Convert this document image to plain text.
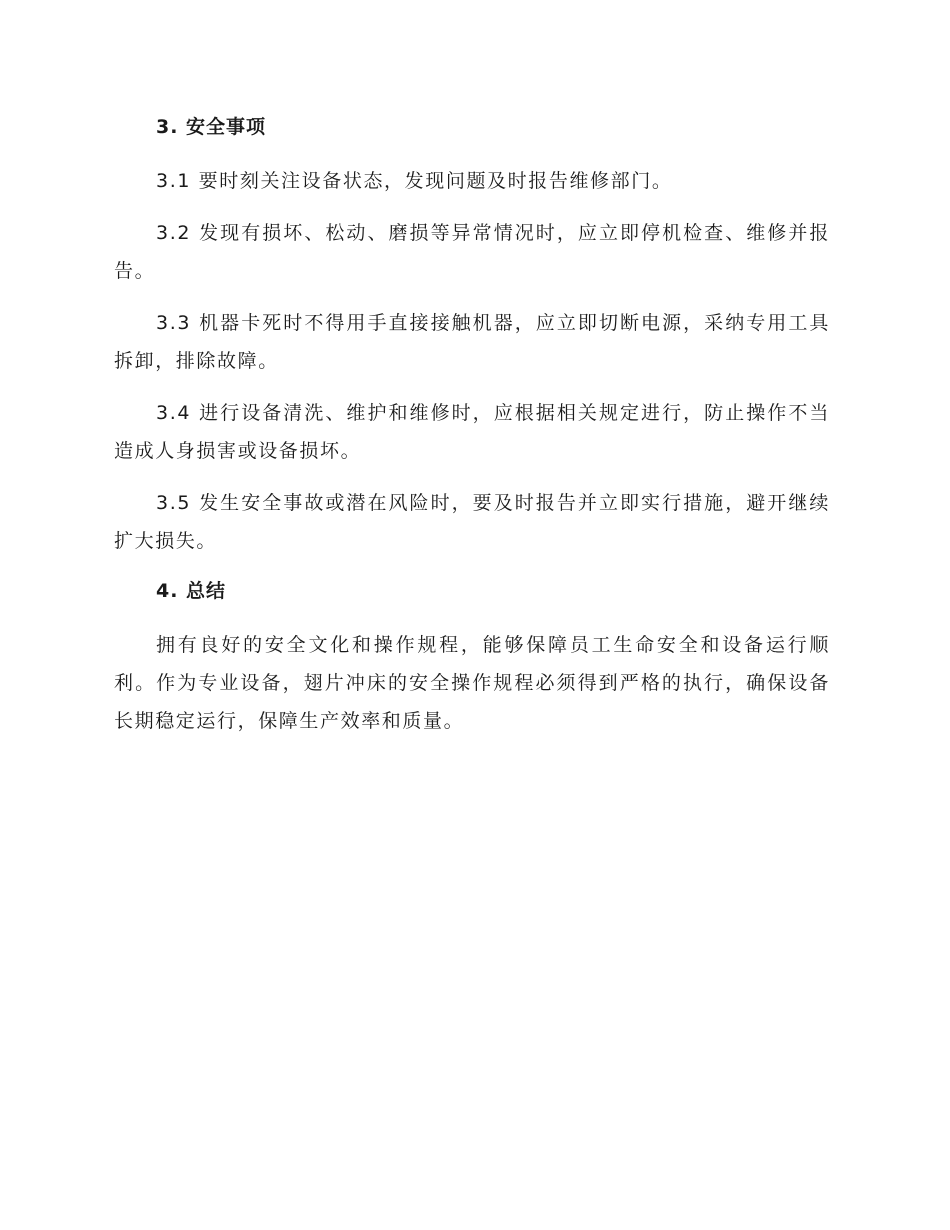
3. 安全事项

3.1 要时刻关注设备状态，发现问题及时报告维修部门。

3.2 发现有损坏、松动、磨损等异常情况时，应立即停机检查、维修并报告。

3.3 机器卡死时不得用手直接接触机器，应立即切断电源，采纳专用工具拆卸，排除故障。

3.4 进行设备清洗、维护和维修时，应根据相关规定进行，防止操作不当造成人身损害或设备损坏。

3.5 发生安全事故或潜在风险时，要及时报告并立即实行措施，避开继续扩大损失。

4. 总结

拥有良好的安全文化和操作规程，能够保障员工生命安全和设备运行顺利。作为专业设备，翅片冲床的安全操作规程必须得到严格的执行，确保设备长期稳定运行，保障生产效率和质量。
